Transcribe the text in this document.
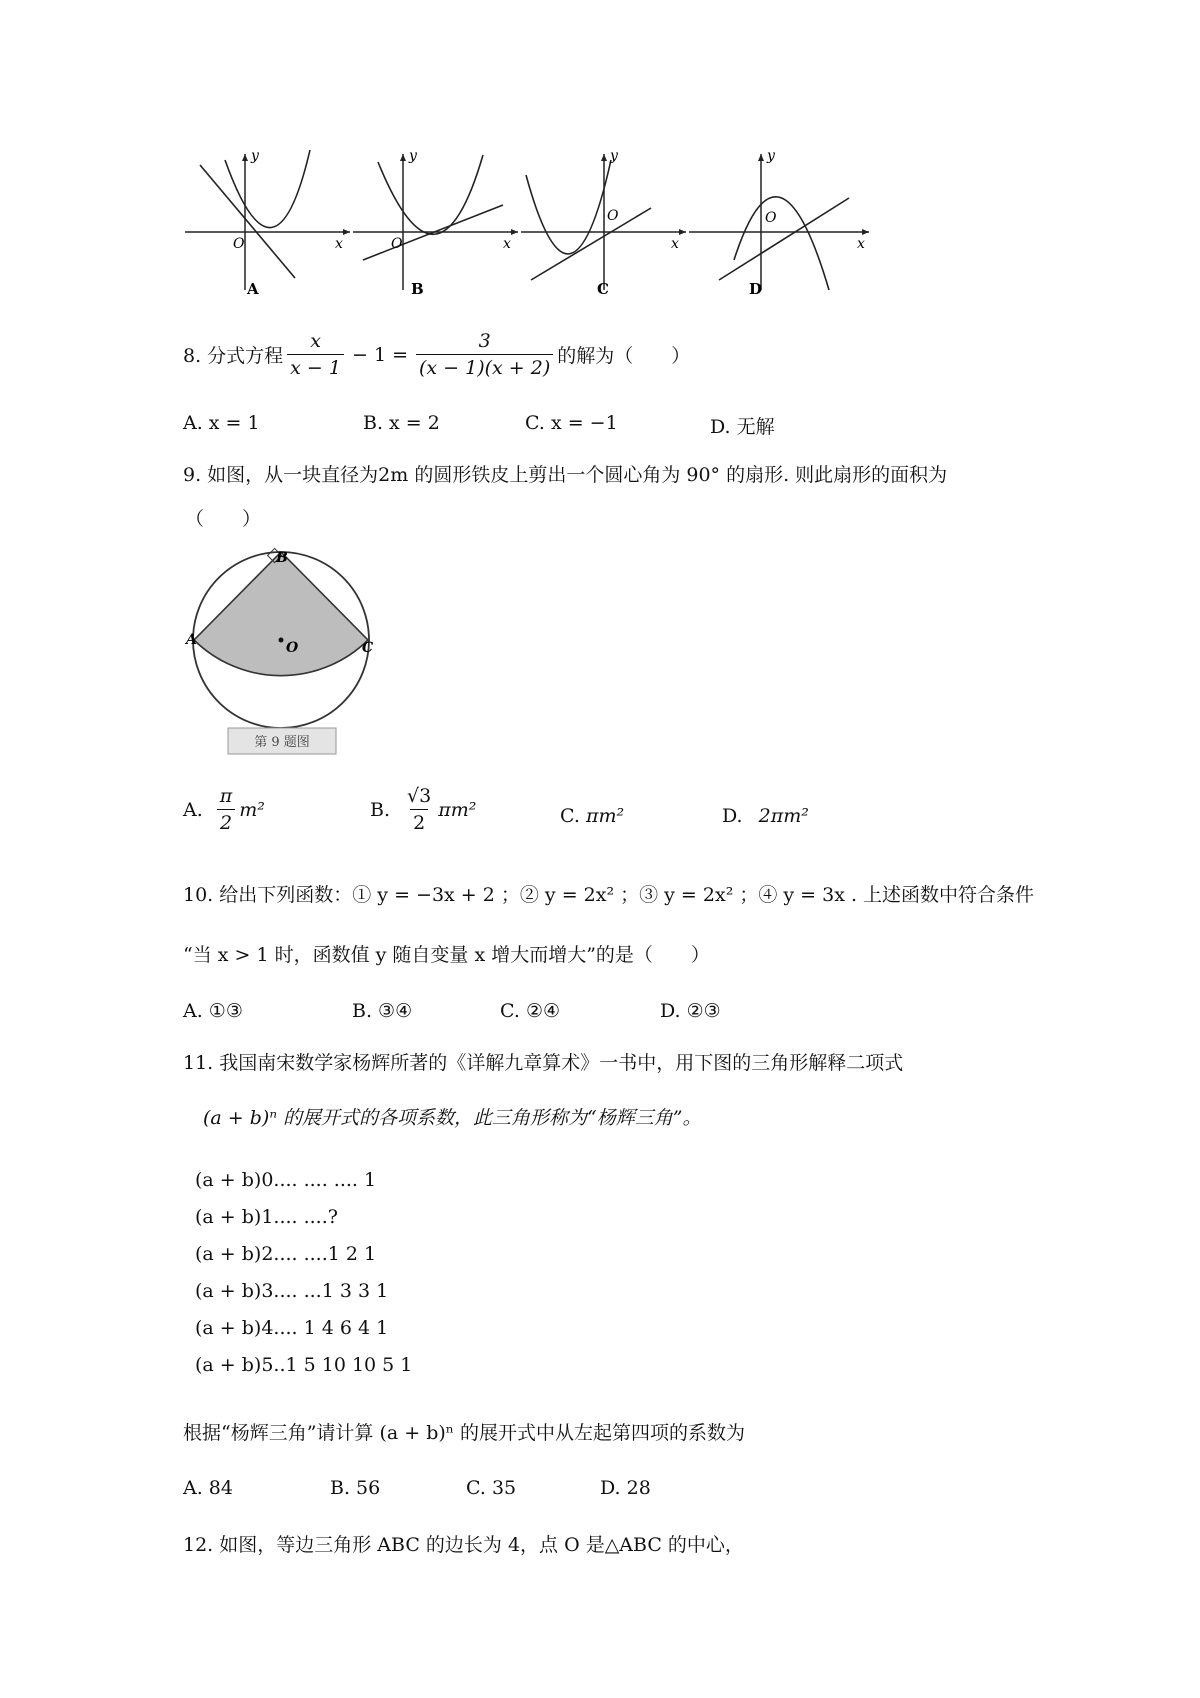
O	x
y
A
O	x
y
B
O
x
y
C
O
x
y
D
8. 分式方程 $\frac{x}{x - 1} - 1 = \frac{3}{(x - 1)(x + 2)}$ 的解为（　　）
A. x = 1	B. x = 2	C. x = −1	D. 无解
9. 如图，从一块直径为2m 的圆形铁皮上剪出一个圆心角为 90° 的扇形. 则此扇形的面积为
（　　）
B
A	C
O
第 9 题图
A. $\frac{\pi}{2} m^2$	B. $\frac{√3}{2} \pi m^2$	C. πm²	D. 2πm²
10. 给出下列函数：① y = −3x + 2 ；② y = 2x² ；③ y = 2x² ；④ y = 3x . 上述函数中符合条件
“当 x > 1 时，函数值 y 随自变量 x 增大而增大”的是（　　）
A. ①③	B. ③④	C. ②④	D. ②③
11. 我国南宋数学家杨辉所著的《详解九章算术》一书中，用下图的三角形解释二项式
(a + b)ⁿ 的展开式的各项系数，此三角形称为“杨辉三角”。
(a + b)0.... .... .... 1
(a + b)1.... ....?
(a + b)2.... ....1 2 1
(a + b)3.... ...1 3 3 1
(a + b)4.... 1 4 6 4 1
(a + b)5..1 5 10 10 5 1
根据“杨辉三角”请计算 (a + b)ⁿ 的展开式中从左起第四项的系数为
A. 84	B. 56	C. 35	D. 28
12. 如图，等边三角形 ABC 的边长为 4，点 O 是△ABC 的中心，
